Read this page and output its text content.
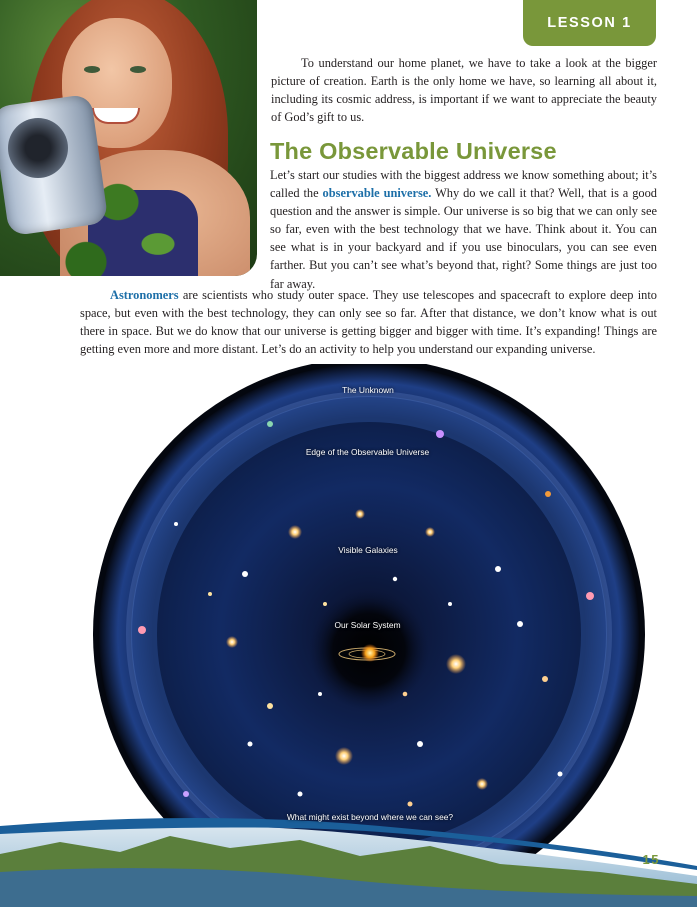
LESSON 1

To understand our home planet, we have to take a look at the bigger picture of creation. Earth is the only home we have, so learning all about it, including its cosmic address, is important if we want to appreciate the beauty of God’s gift to us.

The Observable Universe

Let’s start our studies with the biggest address we know something about; it’s called the observable universe. Why do we call it that? Well, that is a good question and the answer is simple. Our universe is so big that we can only see so far, even with the best technology that we have. Think about it. You can see what is in your backyard and if you use binoculars, you can see even farther. But you can’t see what’s beyond that, right? Some things are just too far away.

Astronomers are scientists who study outer space. They use telescopes and spacecraft to explore deep into space, but even with the best technology, they can only see so far. After that distance, we don’t know what is out there in space. But we do know that our universe is getting bigger and bigger with time. It’s expanding! Things are getting even more and more distant. Let’s do an activity to help you understand our expanding universe.

The Unknown
Edge of the Observable Universe
Visible Galaxies
Our Solar System
What might exist beyond where we can see?
15
